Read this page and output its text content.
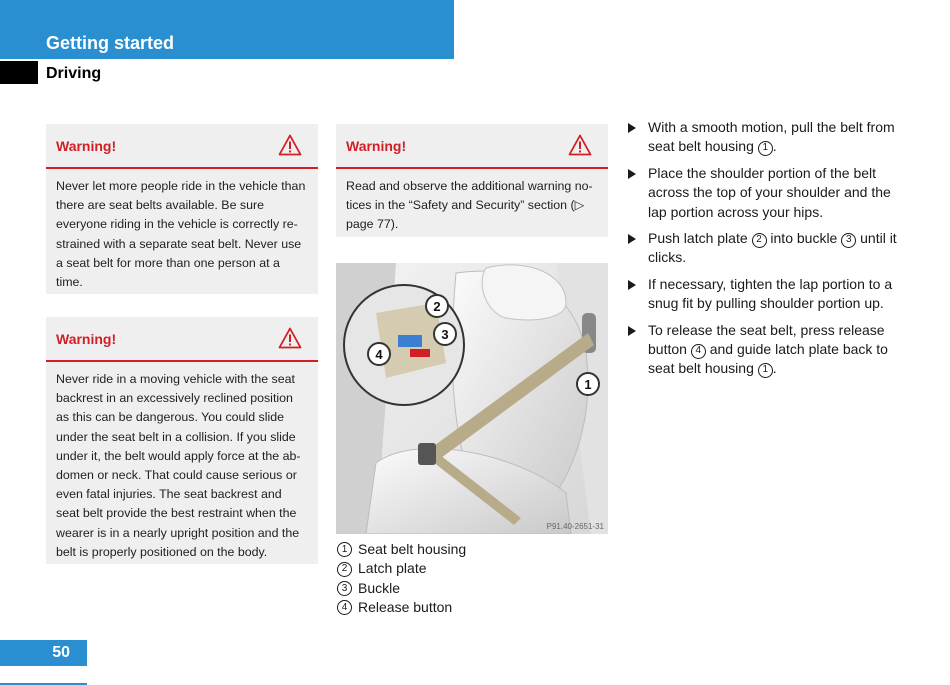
Getting started
Driving
Warning!
Never let more people ride in the vehicle than there are seat belts available. Be sure everyone riding in the vehicle is correctly re-strained with a separate seat belt. Never use a seat belt for more than one person at a time.
Warning!
Never ride in a moving vehicle with the seat backrest in an excessively reclined position as this can be dangerous. You could slide under the seat belt in a collision. If you slide under it, the belt would apply force at the ab-domen or neck. That could cause serious or even fatal injuries. The seat backrest and seat belt provide the best restraint when the wearer is in a nearly upright position and the belt is properly positioned on the body.
Warning!
Read and observe the additional warning no-tices in the “Safety and Security” section (▷ page 77).
2
3
4
1
P91.40-2651-31
1 Seat belt housing
2 Latch plate
3 Buckle
4 Release button
With a smooth motion, pull the belt from seat belt housing 1 .
Place the shoulder portion of the belt across the top of your shoulder and the lap portion across your hips.
Push latch plate 2 into buckle 3 until it clicks.
If necessary, tighten the lap portion to a snug fit by pulling shoulder portion up.
To release the seat belt, press release button 4 and guide latch plate back to seat belt housing 1 .
50
